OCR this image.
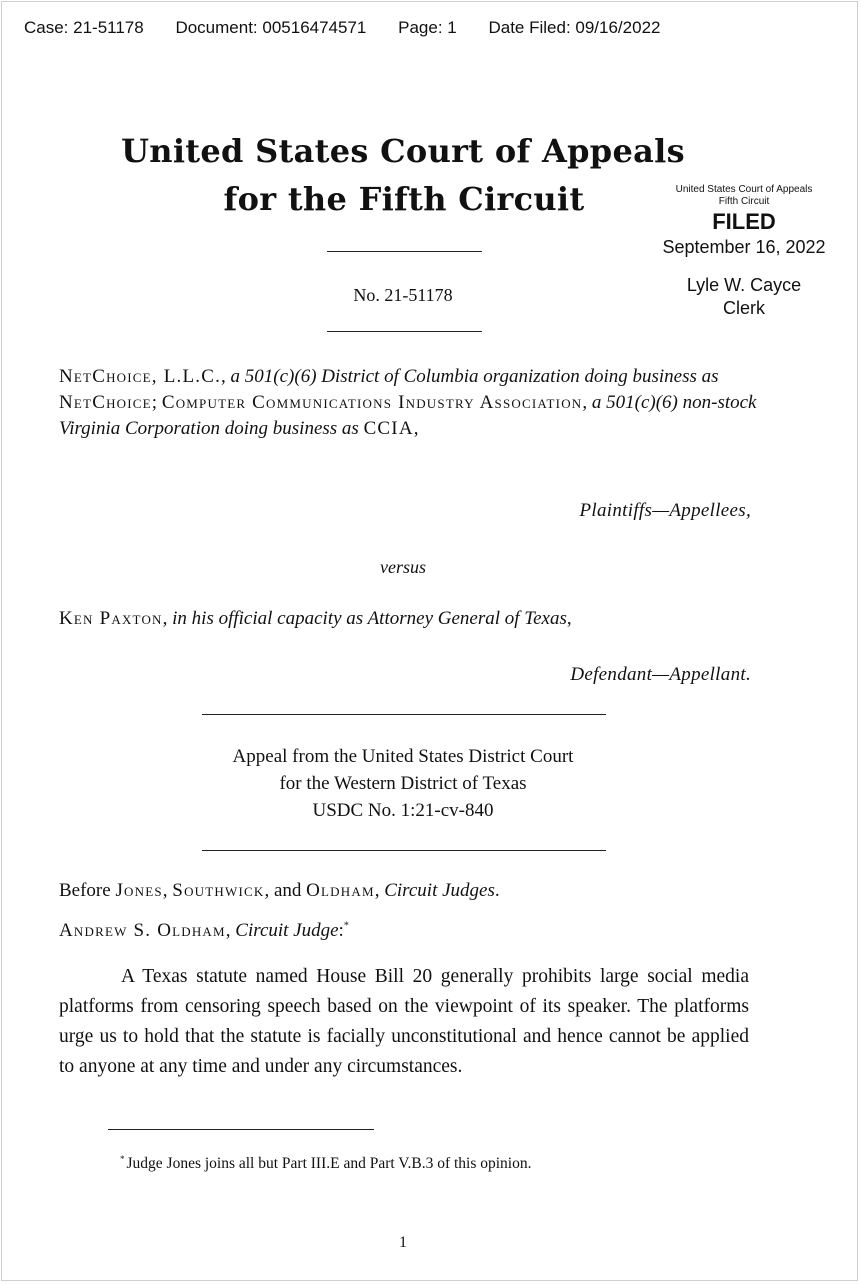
Case: 21-51178 Document: 00516474571 Page: 1 Date Filed: 09/16/2022
United States Court of Appeals
for the Fifth Circuit	United States Court of Appeals
Fifth Circuit
FILED
September 16, 2022
Lyle W. Cayce
Clerk
No. 21-51178
NetChoice, L.L.C., a 501(c)(6) District of Columbia organization doing business as NetChoice; Computer Communications Industry Association, a 501(c)(6) non-stock Virginia Corporation doing business as CCIA,
Plaintiffs—Appellees,
versus
Ken Paxton, in his official capacity as Attorney General of Texas,
Defendant—Appellant.
Appeal from the United States District Court
for the Western District of Texas
USDC No. 1:21-cv-840
Before Jones, Southwick, and Oldham, Circuit Judges.
Andrew S. Oldham, Circuit Judge:*
A Texas statute named House Bill 20 generally prohibits large social media platforms from censoring speech based on the viewpoint of its speaker. The platforms urge us to hold that the statute is facially unconstitutional and hence cannot be applied to anyone at any time and under any circumstances.
* Judge Jones joins all but Part III.E and Part V.B.3 of this opinion.
1
